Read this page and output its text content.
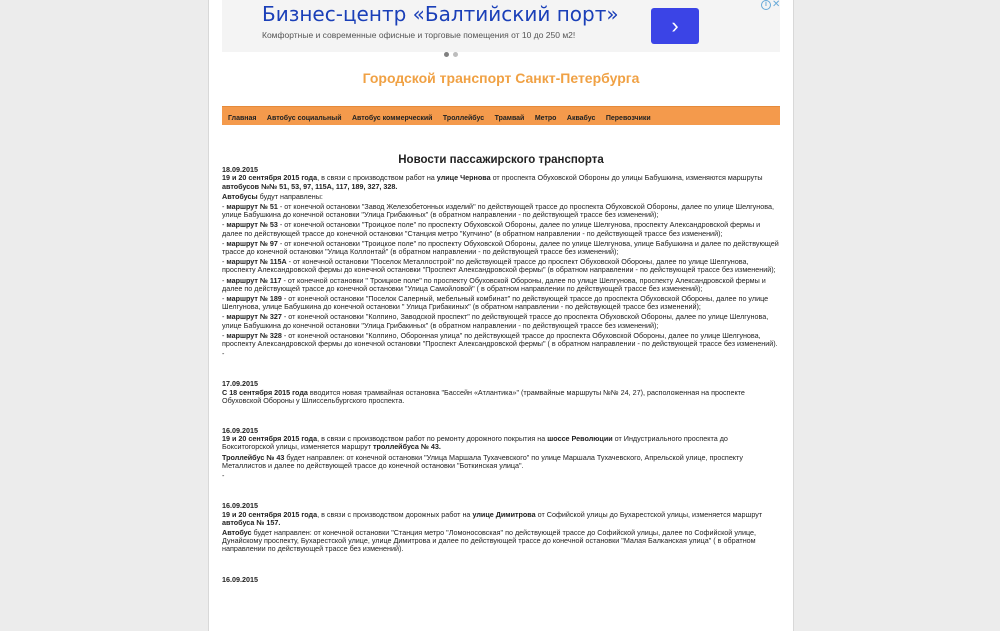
Бизнес-центр «Балтийский порт»
Комфортные и современные офисные и торговые помещения от 10 до 250 м2!	›
i ✕
Городской транспорт Санкт-Петербурга
Главная Автобус социальный Автобус коммерческий Троллейбус Трамвай Метро Аквабус Перевозчики
Новости пассажирского транспорта
18.09.2015

19 и 20 сентября 2015 года, в связи с производством работ на улице Чернова от проспекта Обуховской Обороны до улицы Бабушкина, изменяются маршруты автобусов №№ 51, 53, 97, 115А, 117, 189, 327, 328.

Автобусы будут направлены:

- маршрут № 51 - от конечной остановки "Завод Железобетонных изделий" по действующей трассе до проспекта Обуховской Обороны, далее по улице Шелгунова, улице Бабушкина до конечной остановки "Улица Грибакиных" (в обратном направлении - по действующей трассе без изменений);

- маршрут № 53 - от конечной остановки "Троицкое поле" по проспекту Обуховской Обороны, далее по улице Шелгунова, проспекту Александровской фермы и далее по действующей трассе до конечной остановки "Станция метро "Купчино" (в обратном направлении - по действующей трассе без изменений);

- маршрут № 97 - от конечной остановки "Троицкое поле" по проспекту Обуховской Обороны, далее по улице Шелгунова, улице Бабушкина и далее по действующей трассе до конечной остановки "Улица Коллонтай" (в обратном направлении - по действующей трассе без изменений);

- маршрут № 115А - от конечной остановки "Поселок Металлострой" по действующей трассе до проспект Обуховской Обороны, далее по улице Шелгунова, проспекту Александровской фермы до конечной остановки "Проспект Александровской фермы" (в обратном направлении - по действующей трассе без изменений);

- маршрут № 117 - от конечной остановки " Троицкое поле" по проспекту Обуховской Обороны, далее по улице Шелгунова, проспекту Александровской фермы и далее по действующей трассе до конечной остановки "Улица Самойловой" ( в обратном направлении по действующей трассе без изменений);

- маршрут № 189 - от конечной остановки "Поселок Саперный, мебельный комбинат" по действующей трассе до проспекта Обуховской Обороны, далее по улице Шелгунова, улице Бабушкина до конечной остановки " Улица Грибакиных" (в обратном направлении - по действующей трассе без изменений);

- маршрут № 327 - от конечной остановки "Колпино, Заводской проспект" по действующей трассе до проспекта Обуховской Обороны, далее по улице Шелгунова, улице Бабушкина до конечной остановки "Улица Грибакиных" (в обратном направлении - по действующей трассе без изменений);

- маршрут № 328 - от конечной остановки "Колпино, Оборонная улица" по действующей трассе до проспекта Обуховской Обороны, далее по улице Шелгунова, проспекту Александровской фермы до конечной остановки "Проспект Александровской фермы" ( в обратном направлении - по действующей трассе без изменений).

-

17.09.2015

С 18 сентября 2015 года вводится новая трамвайная остановка "Бассейн «Атлантика»" (трамвайные маршруты №№ 24, 27), расположенная на проспекте Обуховской Обороны у Шлиссельбургского проспекта.

16.09.2015

19 и 20 сентября 2015 года, в связи с производством работ по ремонту дорожного покрытия на шоссе Революции от Индустриального проспекта до Бокситогорской улицы, изменяется маршрут троллейбуса № 43.

Троллейбус № 43 будет направлен: от конечной остановки "Улица Маршала Тухачевского" по улице Маршала Тухачевского, Апрельской улице, проспекту Металлистов и далее по действующей трассе до конечной остановки "Боткинская улица".

-

16.09.2015

19 и 20 сентября 2015 года, в связи с производством дорожных работ на улице Димитрова от Софийской улицы до Бухарестской улицы, изменяется маршрут автобуса № 157.

Автобус будет направлен: от конечной остановки "Станция метро "Ломоносовская" по действующей трассе до Софийской улицы, далее по Софийской улице, Дунайскому проспекту, Бухарестской улице, улице Димитрова и далее по действующей трассе до конечной остановки "Малая Балканская улица" ( в обратном направлении по действующей трассе без изменений).

16.09.2015
